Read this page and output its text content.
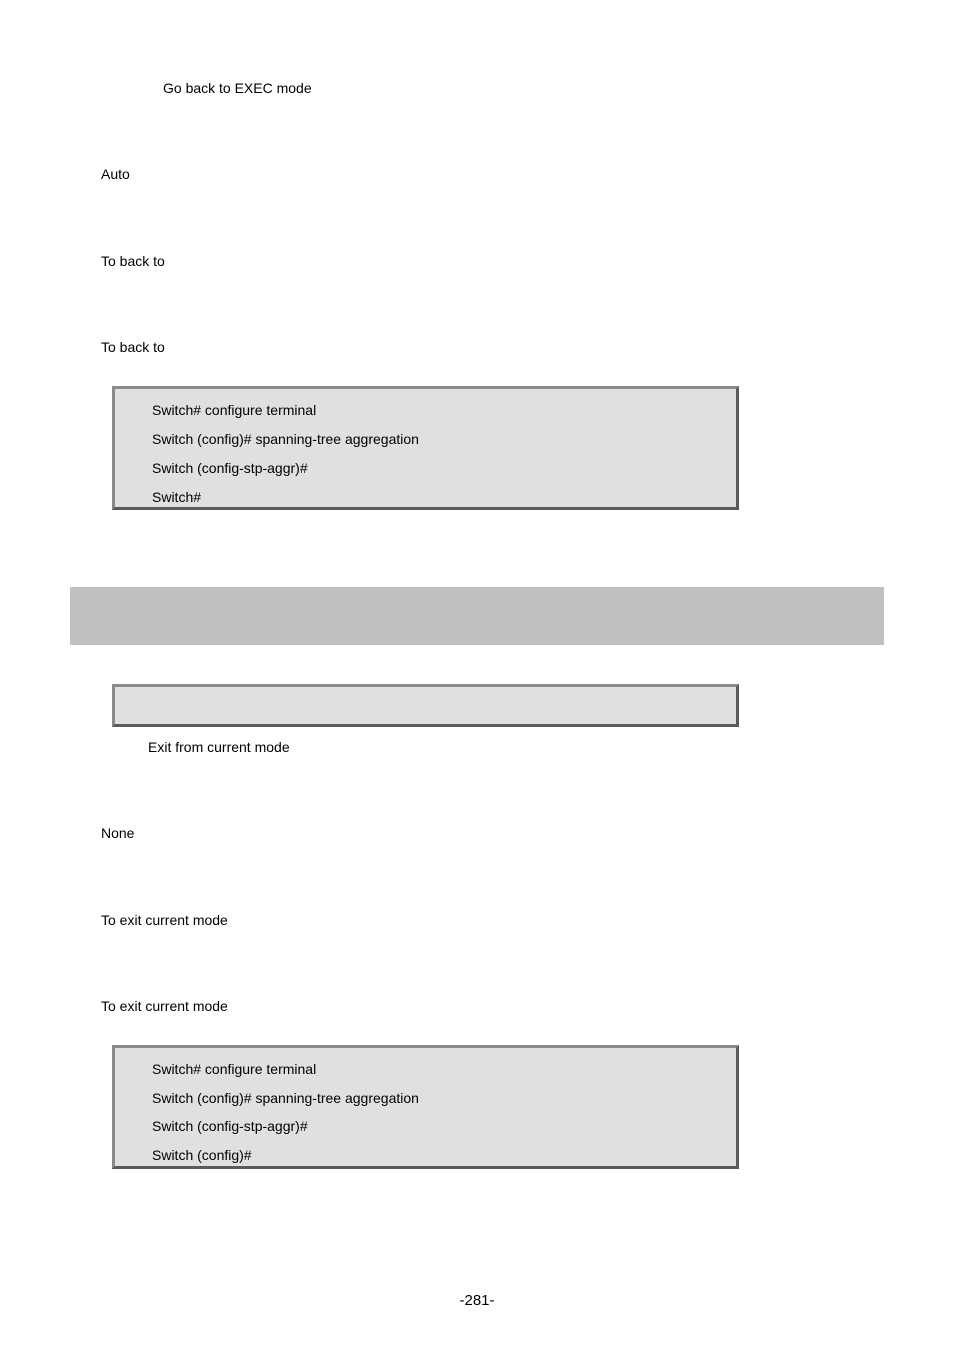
Go back to EXEC mode
Auto
To back to
To back to
Switch# configure terminal
Switch (config)# spanning-tree aggregation
Switch (config-stp-aggr)#
Switch#
Exit from current mode
None
To exit current mode
To exit current mode
Switch# configure terminal
Switch (config)# spanning-tree aggregation
Switch (config-stp-aggr)#
Switch (config)#
-281-
